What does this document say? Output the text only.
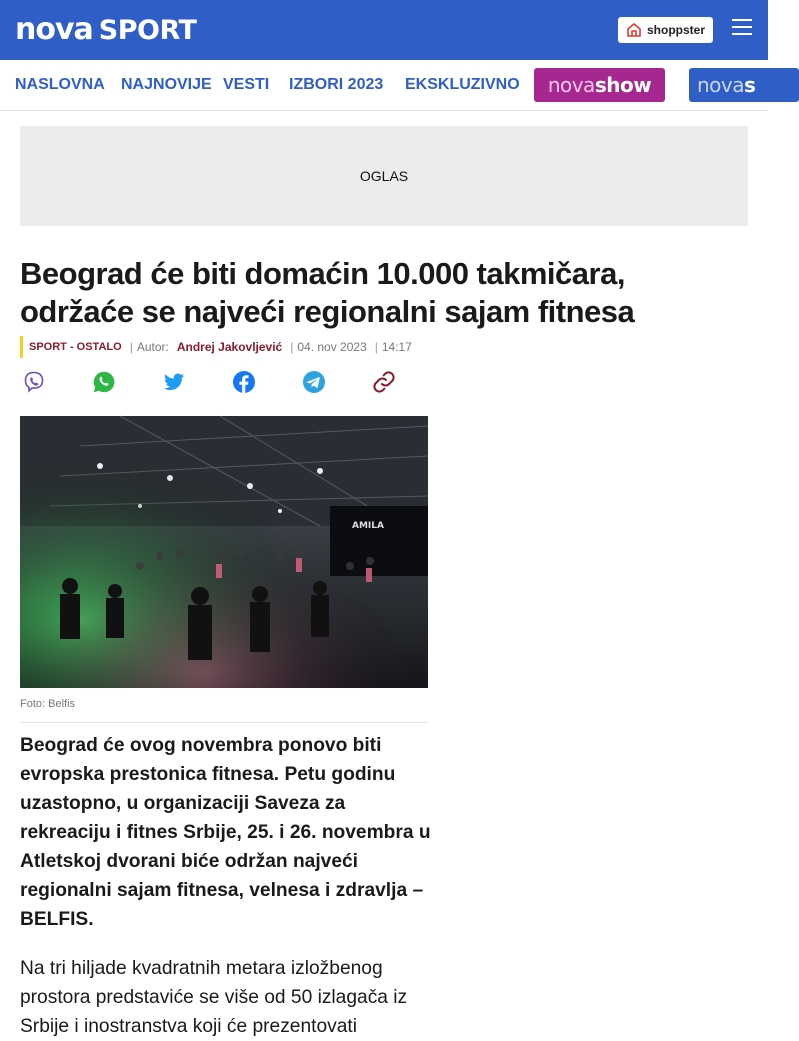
nova SPORT	shoppster
NASLOVNA NAJNOVIJE VESTI IZBORI 2023 EKSKLUZIVNO nova show nova s
OGLAS
Beograd će biti domaćin 10.000 takmičara, održaće se najveći regionalni sajam fitnesa
SPORT - OSTALO | Autor: Andrej Jakovljević | 04. nov 2023 | 14:17
Foto: Belfis

Beograd će ovog novembra ponovo biti evropska prestonica fitnesa. Petu godinu uzastopno, u organizaciji Saveza za rekreaciju i fitnes Srbije, 25. i 26. novembra u Atletskoj dvorani biće održan najveći regionalni sajam fitnesa, velnesa i zdravlja – BELFIS.

Na tri hiljade kvadratnih metara izložbenog prostora predstaviće se više od 50 izlagača iz Srbije i inostranstva koji će prezentovati
